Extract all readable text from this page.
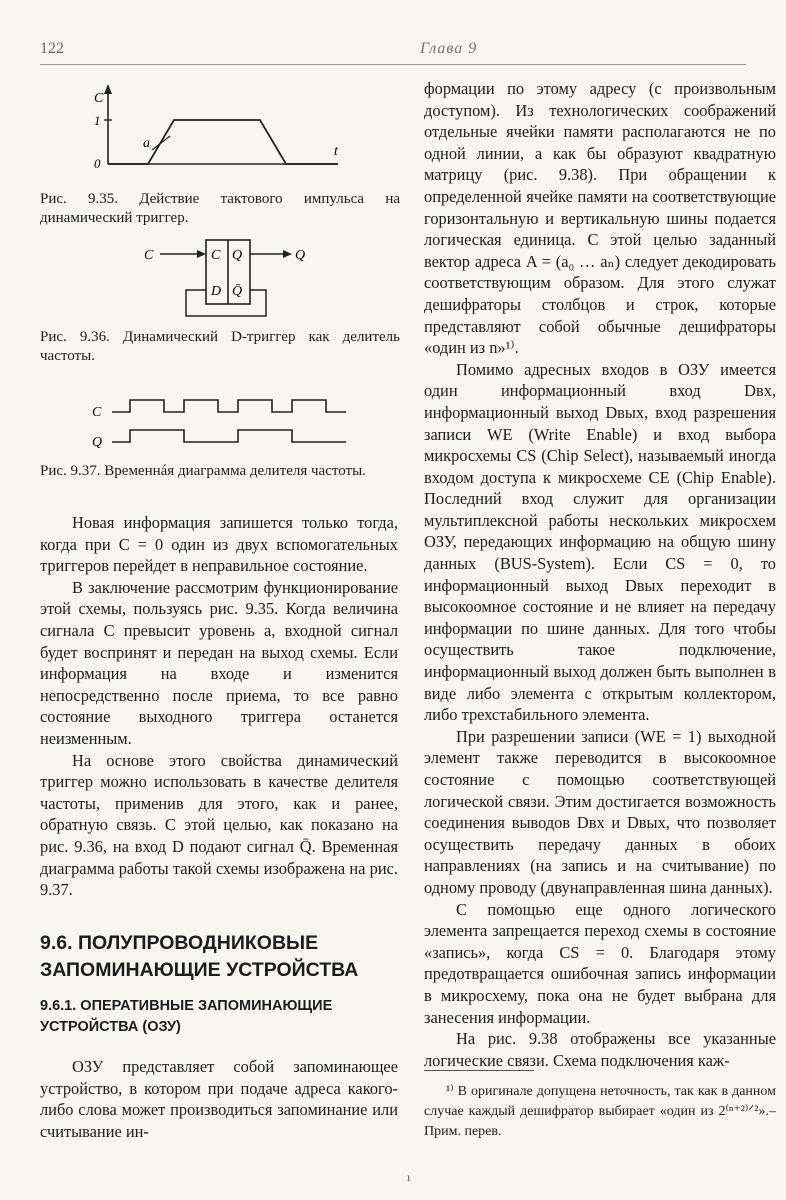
122	Глава 9
C
1
0
a
t
Рис. 9.35. Действие тактового импульса на динамический триггер.
C	Q
C Q
D Q̄
Рис. 9.36. Динамический D-триггер как делитель частоты.
C
Q
Рис. 9.37. Временнáя диаграмма делителя частоты.

Новая информация запишется только тогда, когда при C = 0 один из двух вспомогательных триггеров перейдет в неправильное состояние.

В заключение рассмотрим функционирование этой схемы, пользуясь рис. 9.35. Когда величина сигнала C превысит уровень a, входной сигнал будет воспринят и передан на выход схемы. Если информация на входе и изменится непосредственно после приема, то все равно состояние выходного триггера останется неизменным.

На основе этого свойства динамический триггер можно использовать в качестве делителя частоты, применив для этого, как и ранее, обратную связь. С этой целью, как показано на рис. 9.36, на вход D подают сигнал Q̄. Временная диаграмма работы такой схемы изображена на рис. 9.37.

9.6. ПОЛУПРОВОДНИКОВЫЕ ЗАПОМИНАЮЩИЕ УСТРОЙСТВА
9.6.1. ОПЕРАТИВНЫЕ ЗАПОМИНАЮЩИЕ УСТРОЙСТВА (ОЗУ)

ОЗУ представляет собой запоминающее устройство, в котором при подаче адреса какого-либо слова может производиться запоминание или считывание ин-

формации по этому адресу (с произвольным доступом). Из технологических соображений отдельные ячейки памяти располагаются не по одной линии, а как бы образуют квадратную матрицу (рис. 9.38). При обращении к определенной ячейке памяти на соответствующие горизонтальную и вертикальную шины подается логическая единица. С этой целью заданный вектор адреса A = (a₀ … aₙ) следует декодировать соответствующим образом. Для этого служат дешифраторы столбцов и строк, которые представляют собой обычные дешифраторы «один из n»¹⁾.

Помимо адресных входов в ОЗУ имеется один информационный вход Dвх, информационный выход Dвых, вход разрешения записи WE (Write Enable) и вход выбора микросхемы CS (Chip Select), называемый иногда входом доступа к микросхеме CE (Chip Enable). Последний вход служит для организации мультиплексной работы нескольких микросхем ОЗУ, передающих информацию на общую шину данных (BUS-System). Если CS = 0, то информационный выход Dвых переходит в высокоомное состояние и не влияет на передачу информации по шине данных. Для того чтобы осуществить такое подключение, информационный выход должен быть выполнен в виде либо элемента с открытым коллектором, либо трехстабильного элемента.

При разрешении записи (WE = 1) выходной элемент также переводится в высокоомное состояние с помощью соответствующей логической связи. Этим достигается возможность соединения выводов Dвх и Dвых, что позволяет осуществить передачу данных в обоих направлениях (на запись и на считывание) по одному проводу (двунаправленная шина данных).

С помощью еще одного логического элемента запрещается переход схемы в состояние «запись», когда CS = 0. Благодаря этому предотвращается ошибочная запись информации в микросхему, пока она не будет выбрана для занесения информации.

На рис. 9.38 отображены все указанные логические связи. Схема подключения каж-

¹⁾ В оригинале допущена неточность, так как в данном случае каждый дешифратор выбирает «один из 2⁽ⁿ⁺²⁾ᐟ²».– Прим. перев.
ı
